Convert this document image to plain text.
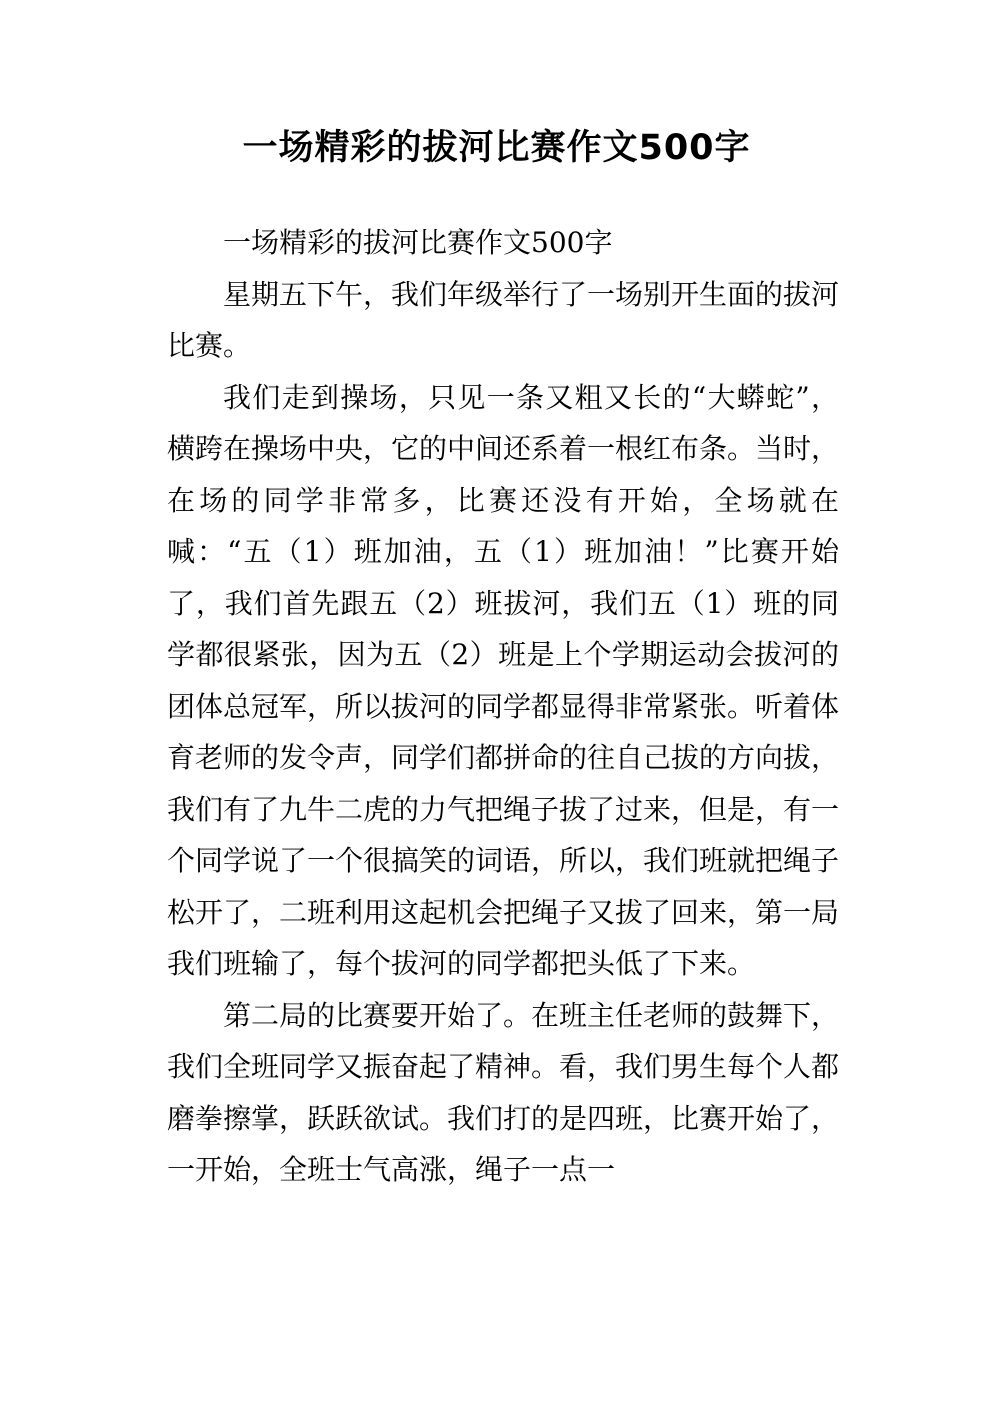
一场精彩的拔河比赛作文500字

一场精彩的拔河比赛作文500字

星期五下午，我们年级举行了一场别开生面的拔河比赛。

我们走到操场，只见一条又粗又长的“大蟒蛇”，横跨在操场中央，它的中间还系着一根红布条。当时，在场的同学非常多，比赛还没有开始，全场就在喊：“五（1）班加油，五（1）班加油！”比赛开始了，我们首先跟五（2）班拔河，我们五（1）班的同学都很紧张，因为五（2）班是上个学期运动会拔河的团体总冠军，所以拔河的同学都显得非常紧张。听着体育老师的发令声，同学们都拼命的往自己拔的方向拔，我们有了九牛二虎的力气把绳子拔了过来，但是，有一个同学说了一个很搞笑的词语，所以，我们班就把绳子松开了，二班利用这起机会把绳子又拔了回来，第一局我们班输了，每个拔河的同学都把头低了下来。

第二局的比赛要开始了。在班主任老师的鼓舞下，我们全班同学又振奋起了精神。看，我们男生每个人都磨拳擦掌，跃跃欲试。我们打的是四班，比赛开始了，一开始，全班士气高涨，绳子一点一
